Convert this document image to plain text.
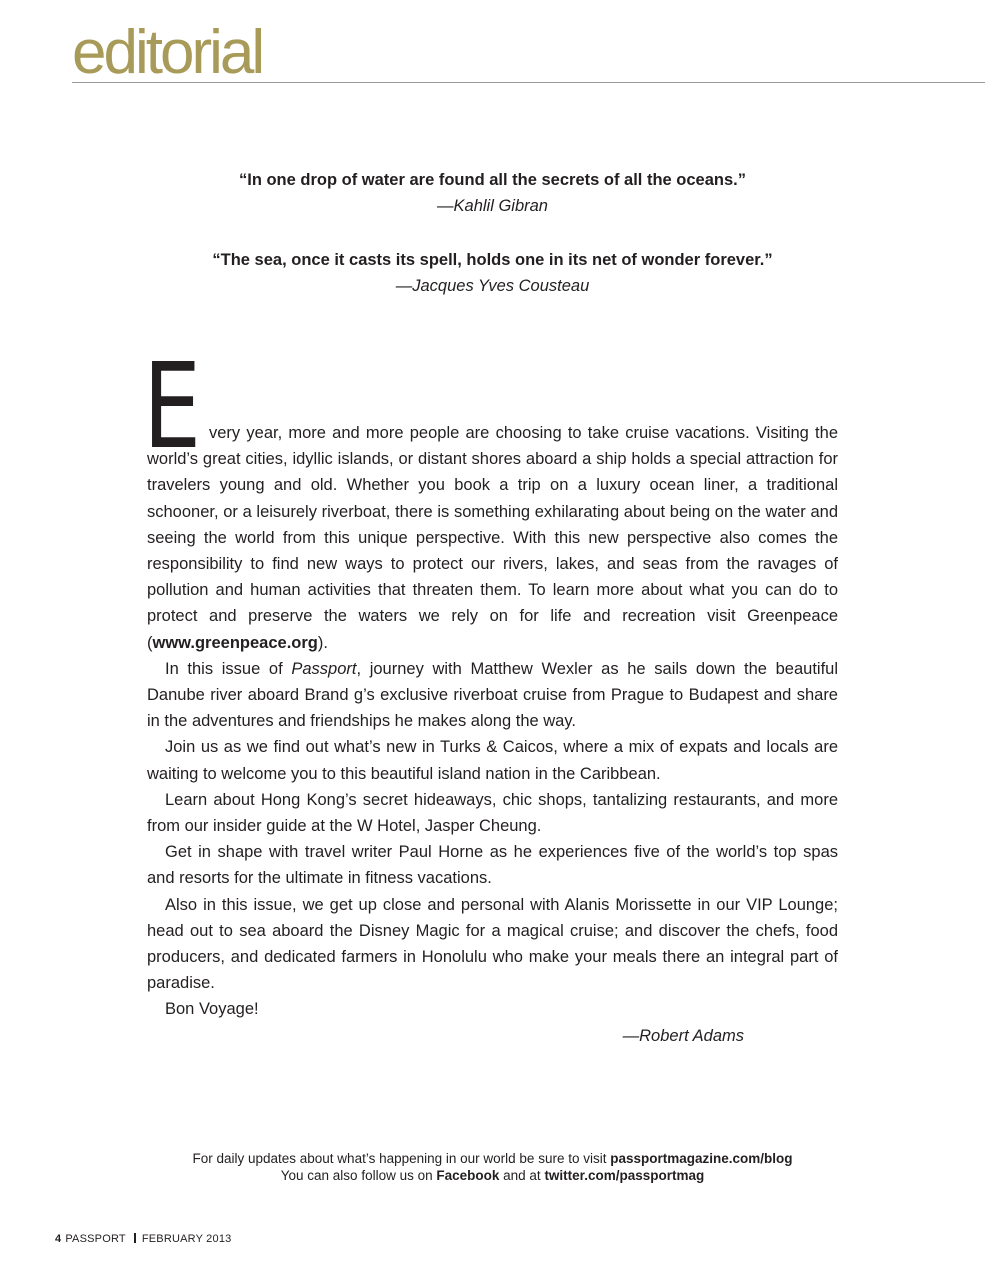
editorial

“In one drop of water are found all the secrets of all the oceans.”

—Kahlil Gibran

“The sea, once it casts its spell, holds one in its net of wonder forever.”

—Jacques Yves Cousteau

Every year, more and more people are choosing to take cruise vacations. Visiting the world’s great cities, idyllic islands, or distant shores aboard a ship holds a special attraction for travelers young and old. Whether you book a trip on a luxury ocean liner, a traditional schooner, or a leisurely riverboat, there is something exhilarating about being on the water and seeing the world from this unique perspective. With this new perspective also comes the responsibility to find new ways to protect our rivers, lakes, and seas from the ravages of pollution and human activities that threaten them. To learn more about what you can do to protect and preserve the waters we rely on for life and recreation visit Greenpeace (www.greenpeace.org).

In this issue of Passport, journey with Matthew Wexler as he sails down the beautiful Danube river aboard Brand g’s exclusive riverboat cruise from Prague to Budapest and share in the adventures and friendships he makes along the way.

Join us as we find out what’s new in Turks & Caicos, where a mix of expats and locals are waiting to welcome you to this beautiful island nation in the Caribbean.

Learn about Hong Kong’s secret hideaways, chic shops, tantalizing restaurants, and more from our insider guide at the W Hotel, Jasper Cheung.

Get in shape with travel writer Paul Horne as he experiences five of the world’s top spas and resorts for the ultimate in fitness vacations.

Also in this issue, we get up close and personal with Alanis Morissette in our VIP Lounge; head out to sea aboard the Disney Magic for a magical cruise; and discover the chefs, food producers, and dedicated farmers in Honolulu who make your meals there an integral part of paradise.

Bon Voyage!

—Robert Adams

For daily updates about what’s happening in our world be sure to visit passportmagazine.com/blog

You can also follow us on Facebook and at twitter.com/passportmag

4 PASSPORT FEBRUARY 2013
